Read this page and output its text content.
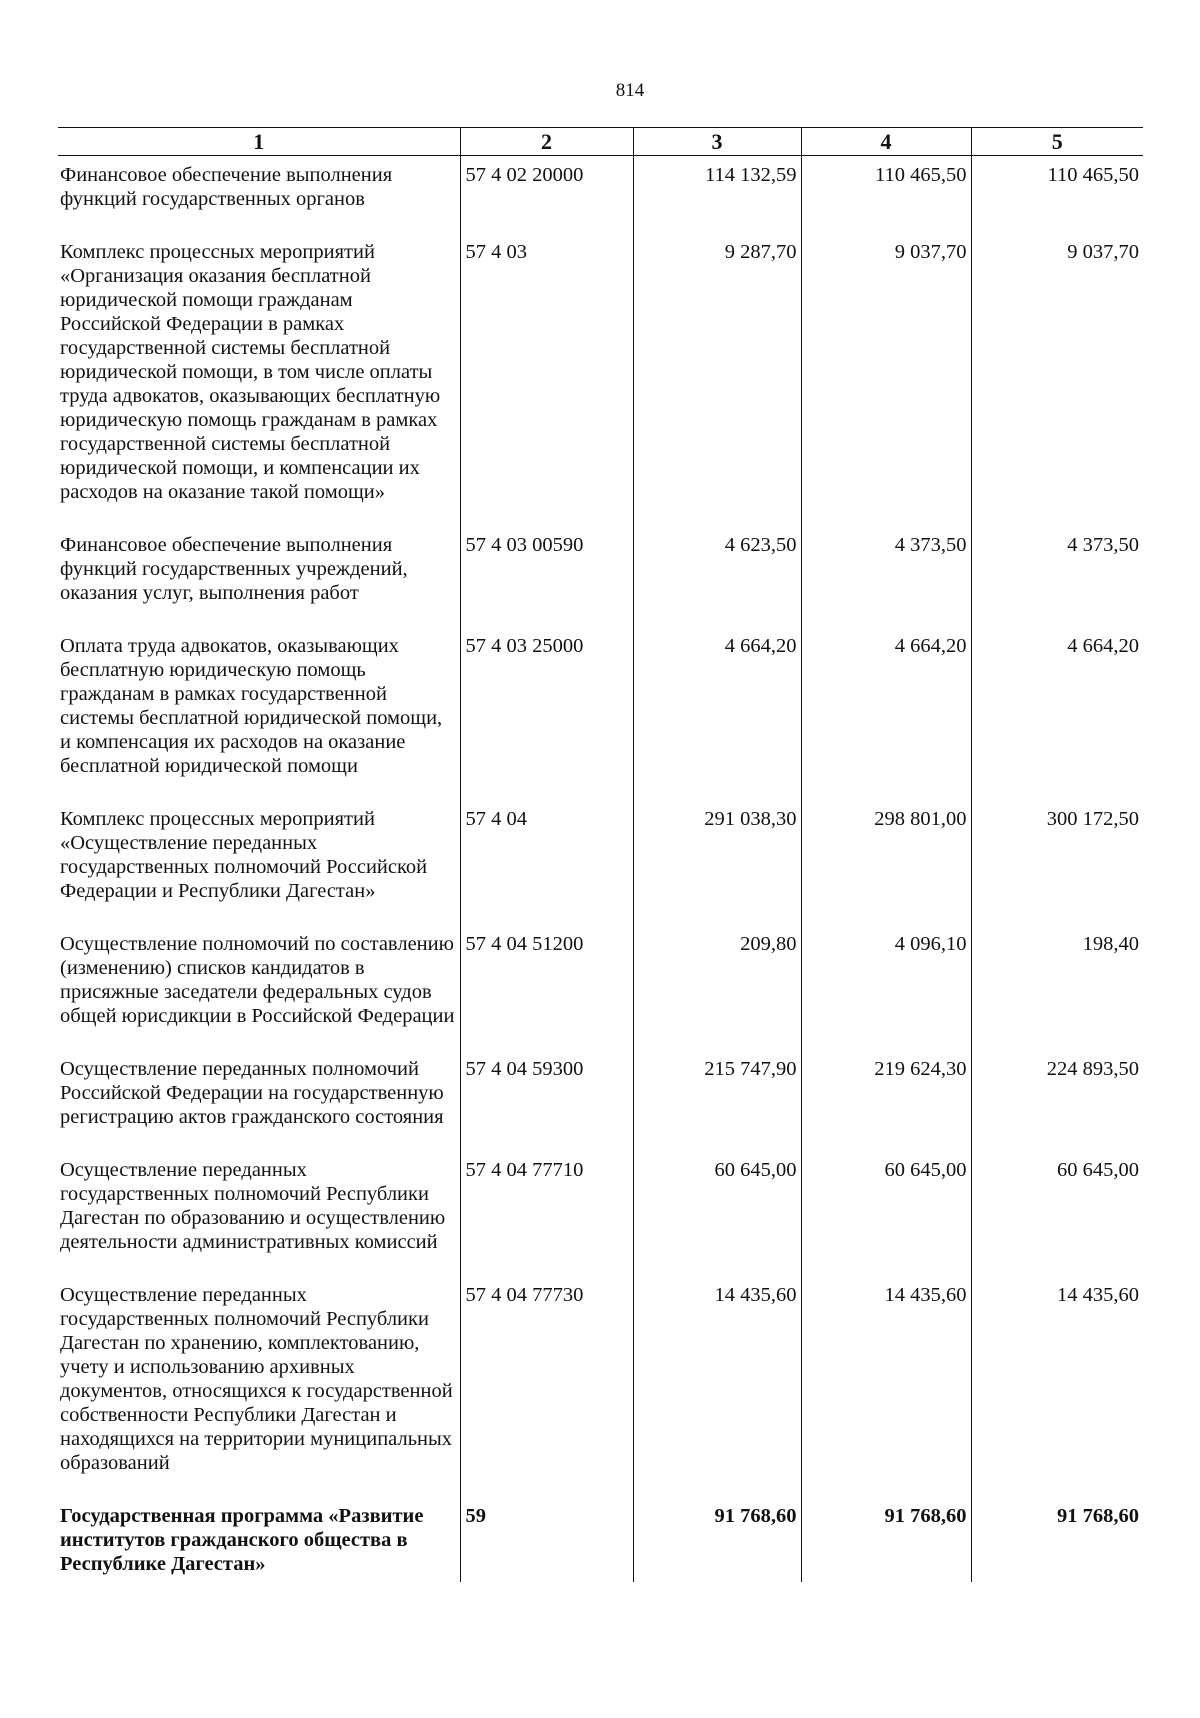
814
1	2	3	4	5
Финансовое обеспечение выполнения функций государственных органов	57 4 02 20000	114 132,59	110 465,50	110 465,50
Комплекс процессных мероприятий «Организация оказания бесплатной юридической помощи гражданам Российской Федерации в рамках государственной системы бесплатной юридической помощи, в том числе оплаты труда адвокатов, оказывающих бесплатную юридическую помощь гражданам в рамках государственной системы бесплатной юридической помощи, и компенсации их расходов на оказание такой помощи»	57 4 03	9 287,70	9 037,70	9 037,70
Финансовое обеспечение выполнения функций государственных учреждений, оказания услуг, выполнения работ	57 4 03 00590	4 623,50	4 373,50	4 373,50
Оплата труда адвокатов, оказывающих бесплатную юридическую помощь гражданам в рамках государственной системы бесплатной юридической помощи, и компенсация их расходов на оказание бесплатной юридической помощи	57 4 03 25000	4 664,20	4 664,20	4 664,20
Комплекс процессных мероприятий «Осуществление переданных государственных полномочий Российской Федерации и Республики Дагестан»	57 4 04	291 038,30	298 801,00	300 172,50
Осуществление полномочий по составлению (изменению) списков кандидатов в присяжные заседатели федеральных судов общей юрисдикции в Российской Федерации	57 4 04 51200	209,80	4 096,10	198,40
Осуществление переданных полномочий Российской Федерации на государственную регистрацию актов гражданского состояния	57 4 04 59300	215 747,90	219 624,30	224 893,50
Осуществление переданных государственных полномочий Республики Дагестан по образованию и осуществлению деятельности административных комиссий	57 4 04 77710	60 645,00	60 645,00	60 645,00
Осуществление переданных государственных полномочий Республики Дагестан по хранению, комплектованию, учету и использованию архивных документов, относящихся к государственной собственности Республики Дагестан и находящихся на территории муниципальных образований	57 4 04 77730	14 435,60	14 435,60	14 435,60
Государственная программа «Развитие институтов гражданского общества в Республике Дагестан»	59	91 768,60	91 768,60	91 768,60
